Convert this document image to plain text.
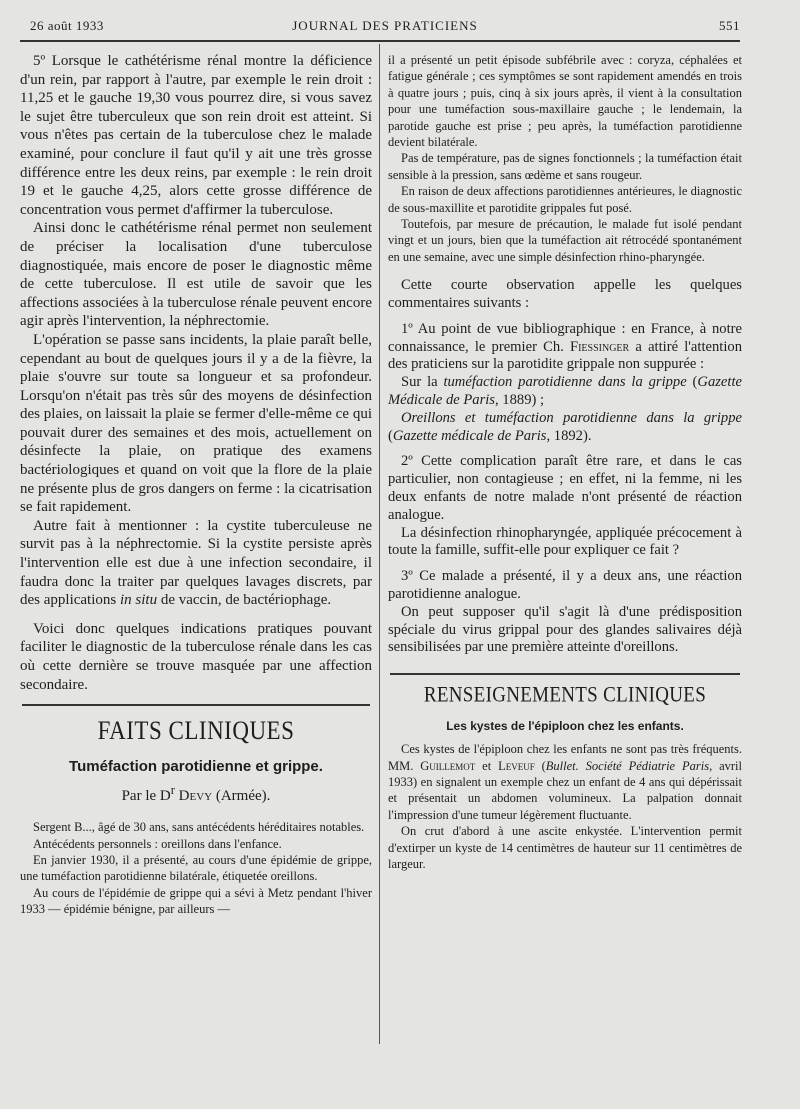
26 août 1933	JOURNAL DES PRATICIENS	551

5º Lorsque le cathétérisme rénal montre la déficience d'un rein, par rapport à l'autre, par exemple le rein droit : 11,25 et le gauche 19,30 vous pourrez dire, si vous savez le sujet être tuberculeux que son rein droit est atteint. Si vous n'êtes pas certain de la tuberculose chez le malade examiné, pour conclure il faut qu'il y ait une très grosse différence entre les deux reins, par exemple : le rein droit 19 et le gauche 4,25, alors cette grosse différence de concentration vous permet d'affirmer la tuberculose.

Ainsi donc le cathétérisme rénal permet non seulement de préciser la localisation d'une tuberculose diagnostiquée, mais encore de poser le diagnostic même de cette tuberculose. Il est utile de savoir que les affections associées à la tuberculose rénale peuvent encore agir après l'intervention, la néphrectomie.

L'opération se passe sans incidents, la plaie paraît belle, cependant au bout de quelques jours il y a de la fièvre, la plaie s'ouvre sur toute sa longueur et sa profondeur. Lorsqu'on n'était pas très sûr des moyens de désinfection des plaies, on laissait la plaie se fermer d'elle-même ce qui pouvait durer des semaines et des mois, actuellement on désinfecte la plaie, on pratique des examens bactériologiques et quand on voit que la flore de la plaie ne présente plus de gros dangers on ferme : la cicatrisation se fait rapidement.

Autre fait à mentionner : la cystite tuberculeuse ne survit pas à la néphrectomie. Si la cystite persiste après l'intervention elle est due à une infection secondaire, il faudra donc la traiter par quelques lavages discrets, par des applications in situ de vaccin, de bactériophage.

Voici donc quelques indications pratiques pouvant faciliter le diagnostic de la tuberculose rénale dans les cas où cette dernière se trouve masquée par une affection secondaire.

FAITS CLINIQUES
Tuméfaction parotidienne et grippe.
Par le $D^r$ Devy (Armée).

Sergent B..., âgé de 30 ans, sans antécédents héréditaires notables.

Antécédents personnels : oreillons dans l'enfance.

En janvier 1930, il a présenté, au cours d'une épidémie de grippe, une tuméfaction parotidienne bilatérale, étiquetée oreillons.

Au cours de l'épidémie de grippe qui a sévi à Metz pendant l'hiver 1933 — épidémie bénigne, par ailleurs —

il a présenté un petit épisode subfébrile avec : coryza, céphalées et fatigue générale ; ces symptômes se sont rapidement amendés en trois à quatre jours ; puis, cinq à six jours après, il vient à la consultation pour une tuméfaction sous-maxillaire gauche ; le lendemain, la parotide gauche est prise ; peu après, la tuméfaction parotidienne devient bilatérale.

Pas de température, pas de signes fonctionnels ; la tuméfaction était sensible à la pression, sans œdème et sans rougeur.

En raison de deux affections parotidiennes antérieures, le diagnostic de sous-maxillite et parotidite grippales fut posé.

Toutefois, par mesure de précaution, le malade fut isolé pendant vingt et un jours, bien que la tuméfaction ait rétrocédé spontanément en une semaine, avec une simple désinfection rhino-pharyngée.

Cette courte observation appelle les quelques commentaires suivants :

1º Au point de vue bibliographique : en France, à notre connaissance, le premier Ch. Fiessinger a attiré l'attention des praticiens sur la parotidite grippale non suppurée :

Sur la tuméfaction parotidienne dans la grippe (Gazette Médicale de Paris, 1889) ;

Oreillons et tuméfaction parotidienne dans la grippe (Gazette médicale de Paris, 1892).

2º Cette complication paraît être rare, et dans le cas particulier, non contagieuse ; en effet, ni la femme, ni les deux enfants de notre malade n'ont présenté de réaction analogue.

La désinfection rhinopharyngée, appliquée précocement à toute la famille, suffit-elle pour expliquer ce fait ?

3º Ce malade a présenté, il y a deux ans, une réaction parotidienne analogue.

On peut supposer qu'il s'agit là d'une prédisposition spéciale du virus grippal pour des glandes salivaires déjà sensibilisées par une première atteinte d'oreillons.

RENSEIGNEMENTS CLINIQUES
Les kystes de l'épiploon chez les enfants.

Ces kystes de l'épiploon chez les enfants ne sont pas très fréquents. MM. Guillemot et Leveuf (Bullet. Société Pédiatrie Paris, avril 1933) en signalent un exemple chez un enfant de 4 ans qui dépérissait et présentait un abdomen volumineux. La palpation donnait l'impression d'une tumeur légèrement fluctuante.

On crut d'abord à une ascite enkystée. L'intervention permit d'extirper un kyste de 14 centimètres de hauteur sur 11 centimètres de largeur.
